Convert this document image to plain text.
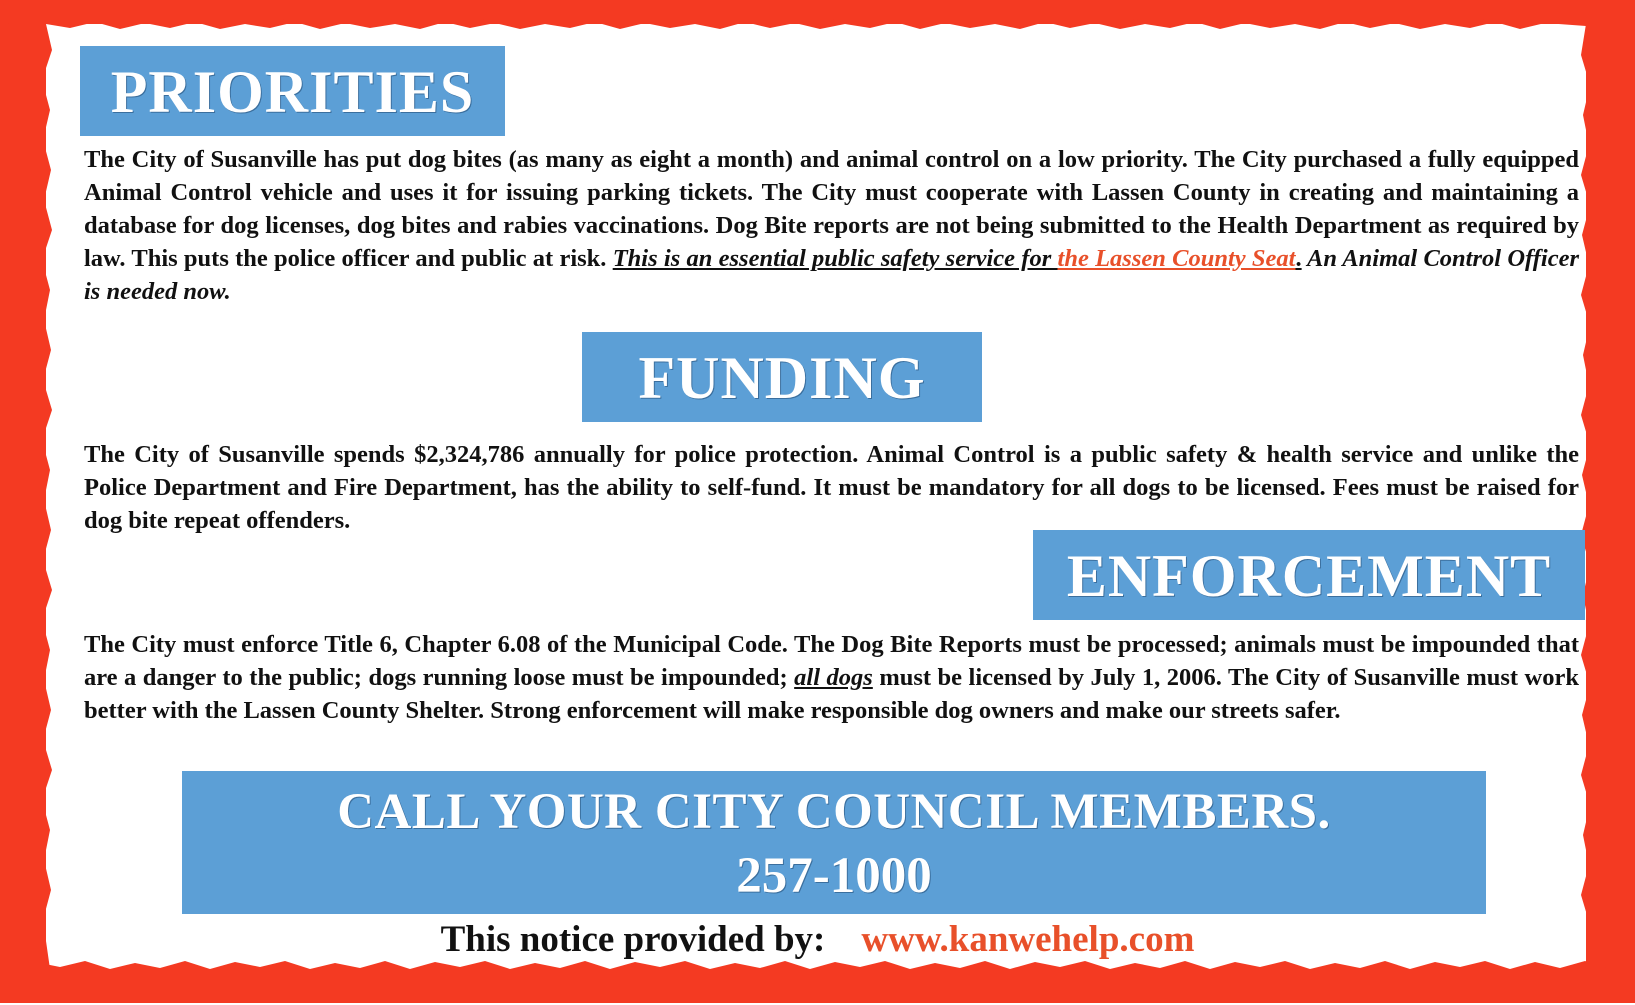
PRIORITIES
The City of Susanville has put dog bites (as many as eight a month) and animal control on a low priority. The City purchased a fully equipped Animal Control vehicle and uses it for issuing parking tickets. The City must cooperate with Lassen County in creating and maintaining a database for dog licenses, dog bites and rabies vaccinations. Dog Bite reports are not being submitted to the Health Department as required by law. This puts the police officer and public at risk. This is an essential public safety service for the Lassen County Seat. An Animal Control Officer is needed now.
FUNDING
The City of Susanville spends $2,324,786 annually for police protection. Animal Control is a public safety & health service and unlike the Police Department and Fire Department, has the ability to self-fund. It must be mandatory for all dogs to be licensed. Fees must be raised for dog bite repeat offenders.
ENFORCEMENT
The City must enforce Title 6, Chapter 6.08 of the Municipal Code. The Dog Bite Reports must be processed; animals must be impounded that are a danger to the public; dogs running loose must be impounded; all dogs must be licensed by July 1, 2006. The City of Susanville must work better with the Lassen County Shelter. Strong enforcement will make responsible dog owners and make our streets safer.
CALL YOUR CITY COUNCIL MEMBERS.
257-1000
This notice provided by: www.kanwehelp.com
